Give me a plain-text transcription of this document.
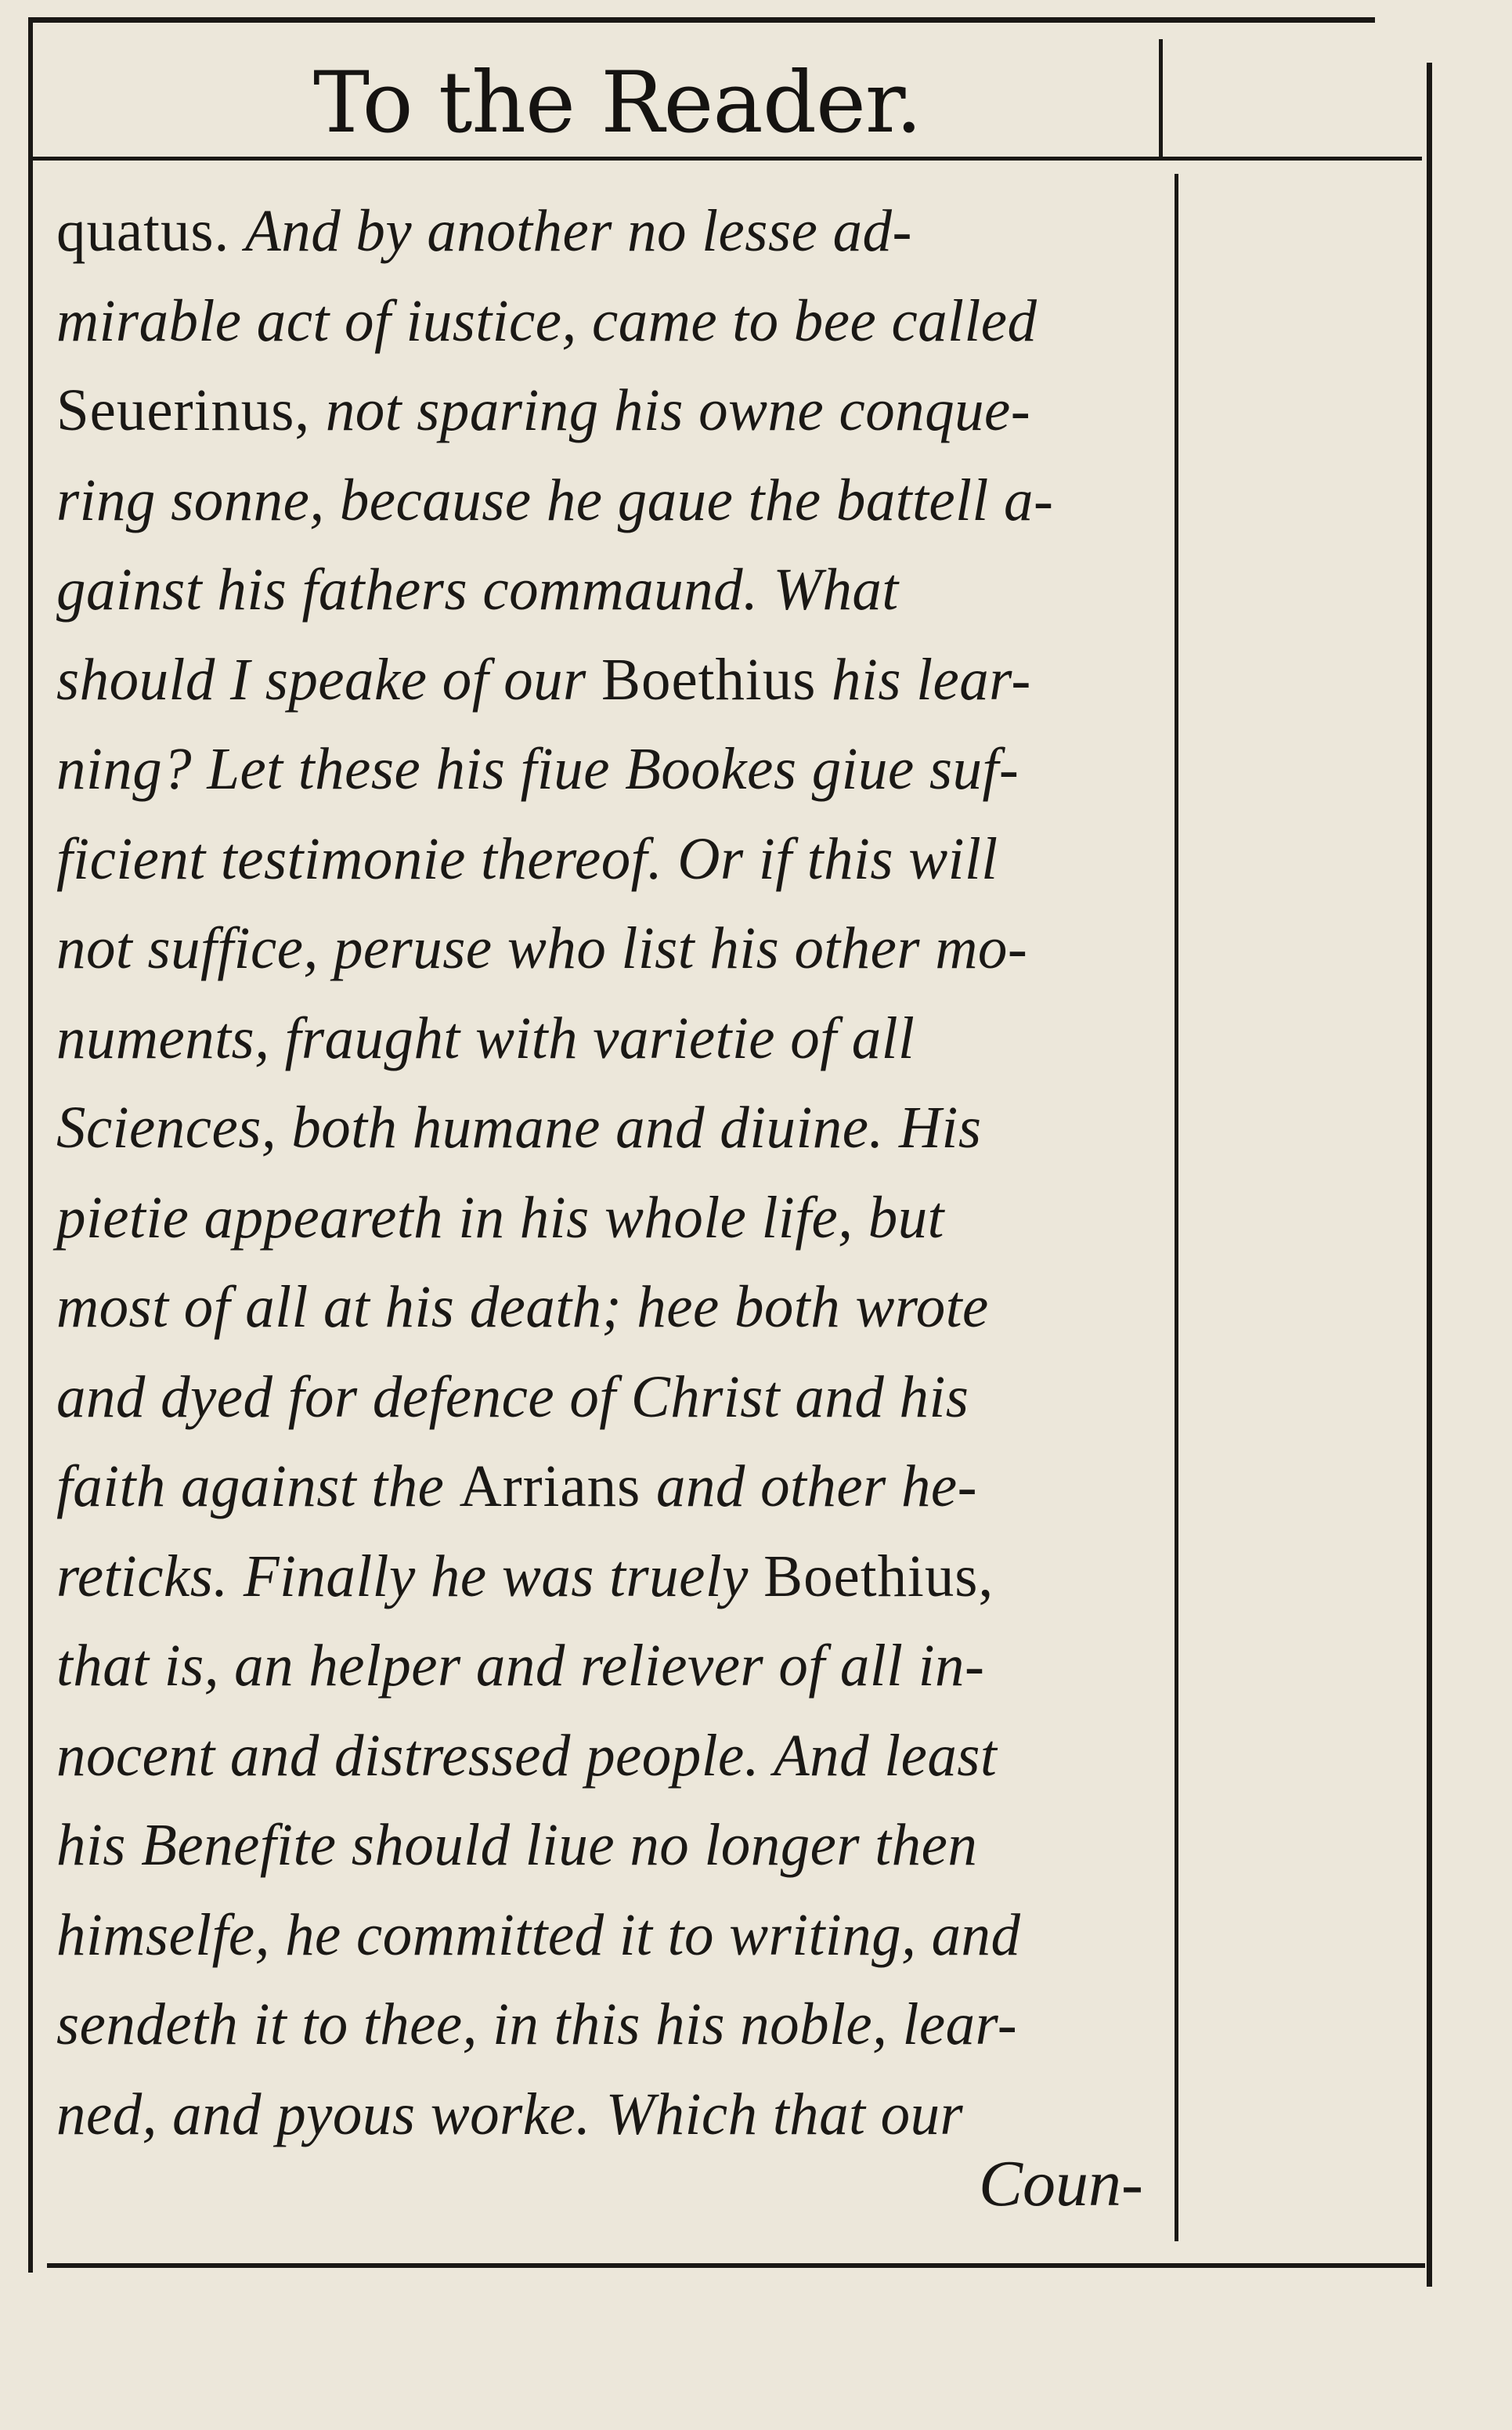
To the Reader.
quatus. And by another no lesse ad-
mirable act of iustice, came to bee called
Seuerinus, not sparing his owne conque-
ring sonne, because he gaue the battell a-
gainst his fathers commaund. What
should I speake of our Boethius his lear-
ning? Let these his fiue Bookes giue suf-
ficient testimonie thereof. Or if this will
not suffice, peruse who list his other mo-
numents, fraught with varietie of all
Sciences, both humane and diuine. His
pietie appeareth in his whole life, but
most of all at his death; hee both wrote
and dyed for defence of Christ and his
faith against the Arrians and other he-
reticks. Finally he was truely Boethius,
that is, an helper and reliever of all in-
nocent and distressed people. And least
his Benefite should liue no longer then
himselfe, he committed it to writing, and
sendeth it to thee, in this his noble, lear-
ned, and pyous worke. Which that our
Coun-
